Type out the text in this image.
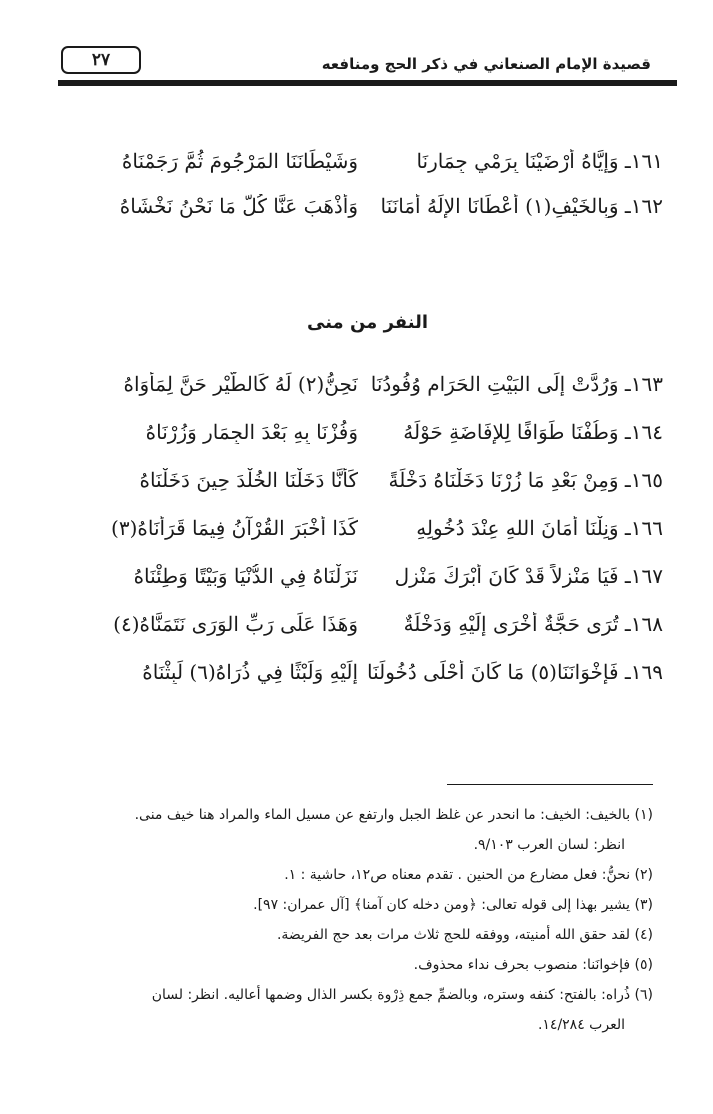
٢٧	قصيدة الإمام الصنعاني في ذكر الحج ومنافعه
١٦١ـ وَإِيَّاهُ أَرْضَيْنَا بِرَمْيِ جِمَارِنَا
وَشَيْطَانَنَا المَرْجُومَ ثُمَّ رَجَمْنَاهُ
١٦٢ـ وَبِالخَيْفِ(١) أَعْطَانَا الإِلَهُ أَمَانَنَا
وَأَذْهَبَ عَنَّا كُلَّ مَا نَحْنُ نَخْشَاهُ
النفر من منى
١٦٣ـ وَرُدَّتْ إِلَى البَيْتِ الحَرَامِ وُفُودُنَا
نَحِنُّ(٢) لَهُ كَالطَّيْرِ حَنَّ لِمَأْوَاهُ
١٦٤ـ وَطُفْنَا طَوَافًا لِلإِفَاضَةِ حَوْلَهُ
وَفُزْنَا بِهِ بَعْدَ الجِمَارِ وَزُرْنَاهُ
١٦٥ـ وَمِنْ بَعْدِ مَا زُرْنَا دَخَلْنَاهُ دَخْلَةً
كَأَنَّا دَخَلْنَا الخُلْدَ حِينَ دَخَلْنَاهُ
١٦٦ـ وَنِلْنَا أَمَانَ اللهِ عِنْدَ دُخُولِهِ
كَذَا أَخْبَرَ القُرْآنُ فِيمَا قَرَأْنَاهُ(٣)
١٦٧ـ فَيَا مَنْزِلاً قَدْ كَانَ أَبْرَكَ مَنْزِلِ
نَزَلْنَاهُ فِي الدُّنْيَا وَبَيْتًا وَطِئْنَاهُ
١٦٨ـ تُرَى حَجَّةٌ أُخْرَى إِلَيْهِ وَدَخْلَةٌ
وَهَذَا عَلَى رَبِّ الوَرَى نَتَمَنَّاهُ(٤)
١٦٩ـ فَإِخْوَانَنَا(٥) مَا كَانَ أَحْلَى دُخُولَنَا
إِلَيْهِ وَلَبْثًا فِي ذُرَاهُ(٦) لَبِثْنَاهُ
(١) بالخيف: الخيف: ما انحدر عن غلظ الجبل وارتفع عن مسيل الماء والمراد هنا خيف منى.
انظر: لسان العرب ٩/١٠٣.
(٢) نحنُّ: فعل مضارع من الحنين . تقدم معناه ص١٢، حاشية : ١.
(٣) يشير بهذا إلى قوله تعالى: ﴿ومن دخله كان آمنا﴾ [آل عمران: ٩٧].
(٤) لقد حقق الله أمنيته، ووفقه للحج ثلاث مرات بعد حج الفريضة.
(٥) فإخوانَنا: منصوب بحرف نداء محذوف.
(٦) ذُراه: بالفتح: كنفه وستره، وبالضمِّ جمع ذِرْوة بكسر الذال وضمها أعاليه. انظر: لسان
العرب ١٤/٢٨٤.
